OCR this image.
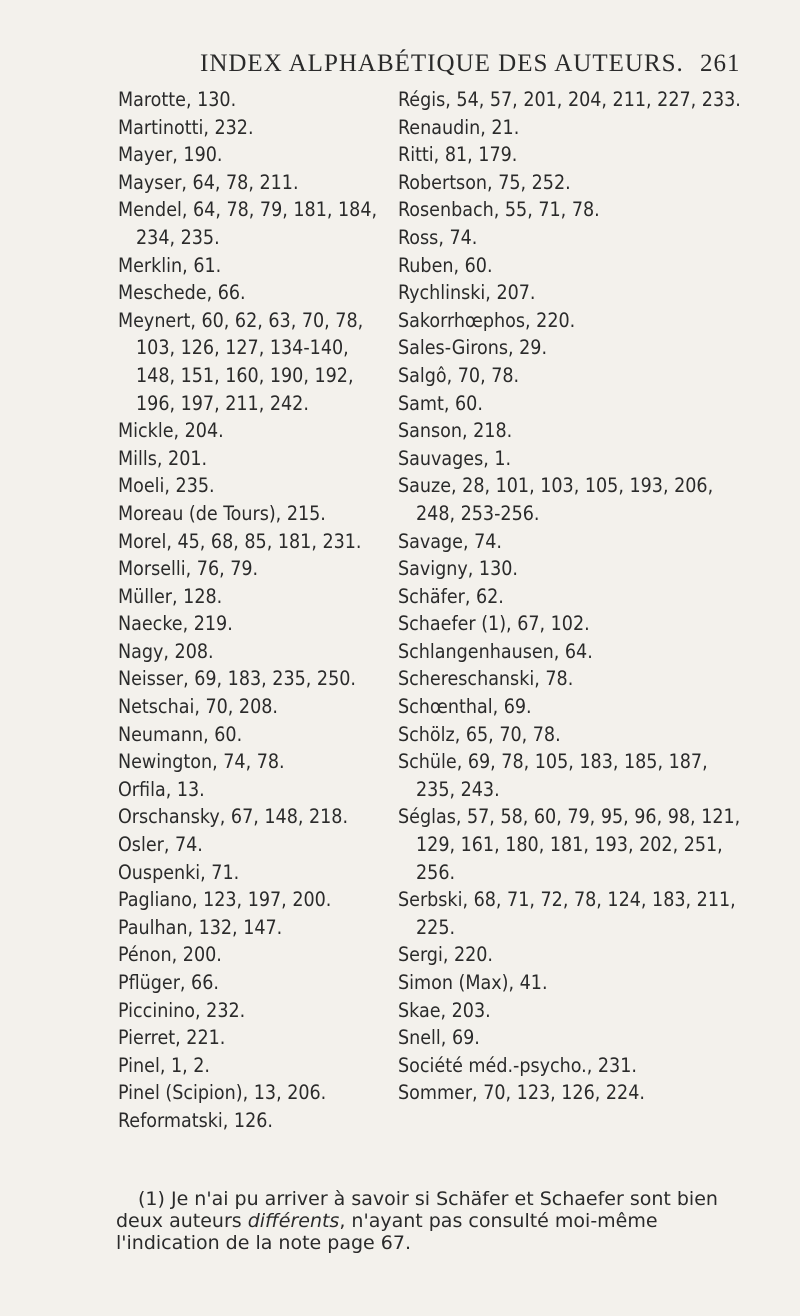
INDEX ALPHABÉTIQUE DES AUTEURS. 261
Marotte, 130.
Martinotti, 232.
Mayer, 190.
Mayser, 64, 78, 211.
Mendel, 64, 78, 79, 181, 184, 234, 235.
Merklin, 61.
Meschede, 66.
Meynert, 60, 62, 63, 70, 78, 103, 126, 127, 134-140, 148, 151, 160, 190, 192, 196, 197, 211, 242.
Mickle, 204.
Mills, 201.
Moeli, 235.
Moreau (de Tours), 215.
Morel, 45, 68, 85, 181, 231.
Morselli, 76, 79.
Müller, 128.
Naecke, 219.
Nagy, 208.
Neisser, 69, 183, 235, 250.
Netschai, 70, 208.
Neumann, 60.
Newington, 74, 78.
Orfila, 13.
Orschansky, 67, 148, 218.
Osler, 74.
Ouspenki, 71.
Pagliano, 123, 197, 200.
Paulhan, 132, 147.
Pénon, 200.
Pflüger, 66.
Piccinino, 232.
Pierret, 221.
Pinel, 1, 2.
Pinel (Scipion), 13, 206.
Reformatski, 126.
Régis, 54, 57, 201, 204, 211, 227, 233.
Renaudin, 21.
Ritti, 81, 179.
Robertson, 75, 252.
Rosenbach, 55, 71, 78.
Ross, 74.
Ruben, 60.
Rychlinski, 207.
Sakorrhœphos, 220.
Sales-Girons, 29.
Salgô, 70, 78.
Samt, 60.
Sanson, 218.
Sauvages, 1.
Sauze, 28, 101, 103, 105, 193, 206, 248, 253-256.
Savage, 74.
Savigny, 130.
Schäfer, 62.
Schaefer (1), 67, 102.
Schlangenhausen, 64.
Schereschanski, 78.
Schœnthal, 69.
Schölz, 65, 70, 78.
Schüle, 69, 78, 105, 183, 185, 187, 235, 243.
Séglas, 57, 58, 60, 79, 95, 96, 98, 121, 129, 161, 180, 181, 193, 202, 251, 256.
Serbski, 68, 71, 72, 78, 124, 183, 211, 225.
Sergi, 220.
Simon (Max), 41.
Skae, 203.
Snell, 69.
Société méd.-psycho., 231.
Sommer, 70, 123, 126, 224.
(1) Je n'ai pu arriver à savoir si Schäfer et Schaefer sont bien deux auteurs différents, n'ayant pas consulté moi-même l'indication de la note page 67.
